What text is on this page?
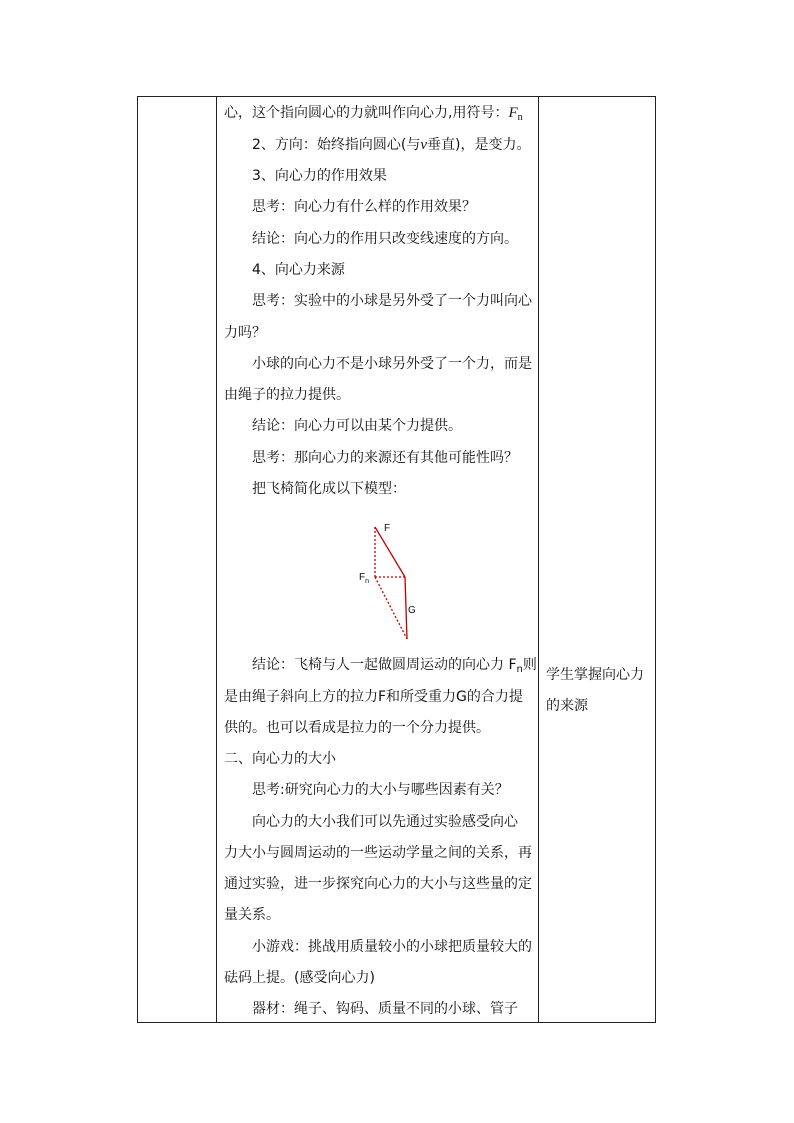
心，这个指向圆心的力就叫作向心力,用符号：$F_n$
2、方向：始终指向圆心(与v垂直)，是变力。
3、向心力的作用效果
思考：向心力有什么样的作用效果？
结论：向心力的作用只改变线速度的方向。
4、向心力来源
思考：实验中的小球是另外受了一个力叫向心
力吗？
小球的向心力不是小球另外受了一个力，而是
由绳子的拉力提供。
结论：向心力可以由某个力提供。
思考：那向心力的来源还有其他可能性吗？
把飞椅简化成以下模型：
F
$F_n$
G
结论：飞椅与人一起做圆周运动的向心力 $F_n$则
是由绳子斜向上方的拉力F和所受重力G的合力提
供的。也可以看成是拉力的一个分力提供。
二、向心力的大小
思考:研究向心力的大小与哪些因素有关？
向心力的大小我们可以先通过实验感受向心
力大小与圆周运动的一些运动学量之间的关系，再
通过实验，进一步探究向心力的大小与这些量的定
量关系。
小游戏：挑战用质量较小的小球把质量较大的
砝码上提。(感受向心力)
器材：绳子、钩码、质量不同的小球、管子
学生掌握向心力
的来源
